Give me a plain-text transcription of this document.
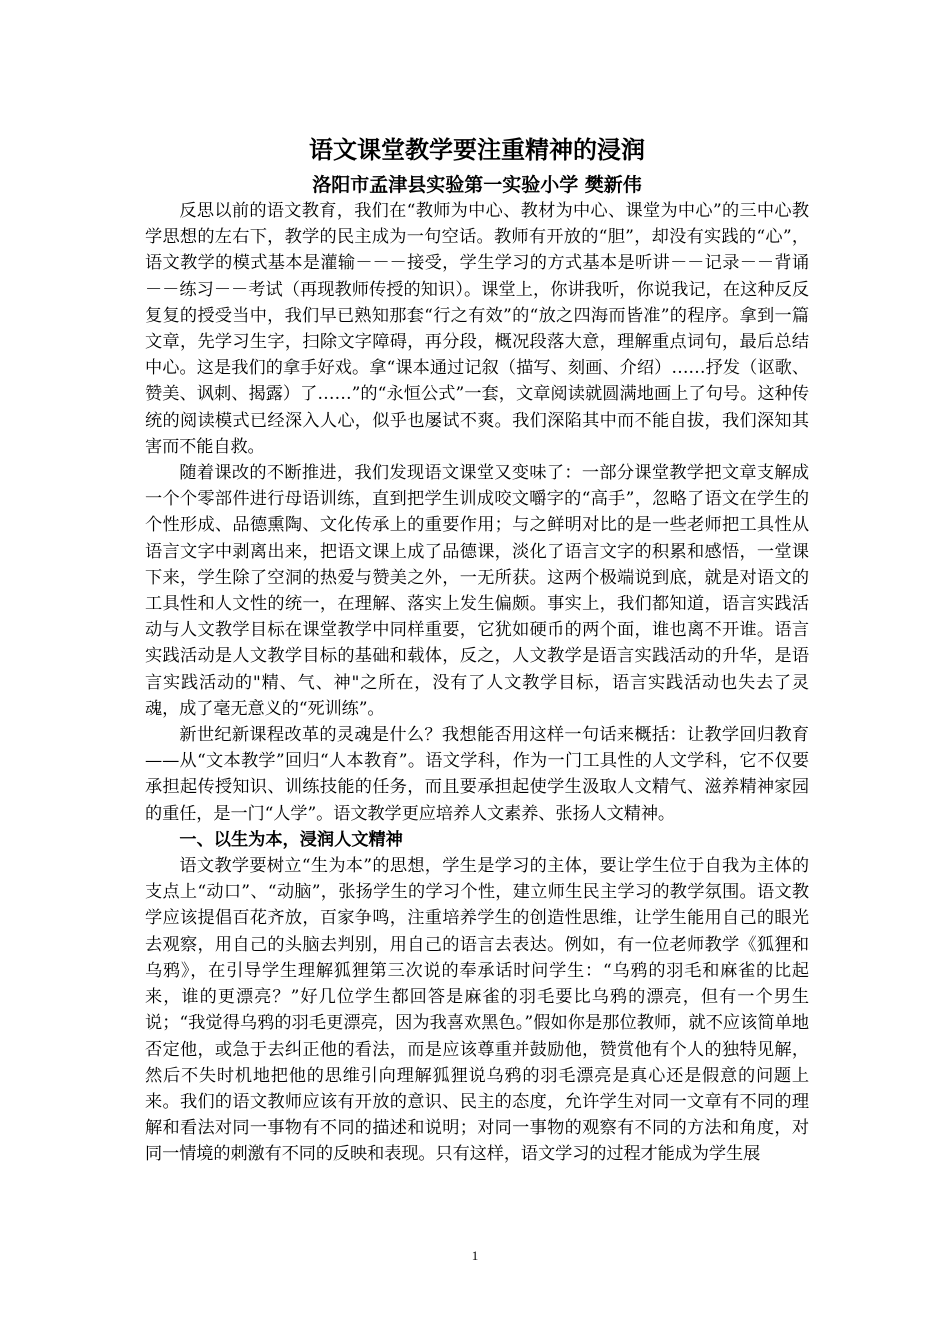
语文课堂教学要注重精神的浸润
洛阳市孟津县实验第一实验小学 樊新伟

反思以前的语文教育，我们在“教师为中心、教材为中心、课堂为中心”的三中心教学思想的左右下，教学的民主成为一句空话。教师有开放的“胆”，却没有实践的“心”，语文教学的模式基本是灌输－－－接受，学生学习的方式基本是听讲－－记录－－背诵－－练习－－考试（再现教师传授的知识）。课堂上，你讲我听，你说我记，在这种反反复复的授受当中，我们早已熟知那套“行之有效”的“放之四海而皆准”的程序。拿到一篇文章，先学习生字，扫除文字障碍，再分段，概况段落大意，理解重点词句，最后总结中心。这是我们的拿手好戏。拿“课本通过记叙（描写、刻画、介绍）……抒发（讴歌、赞美、讽刺、揭露）了……”的“永恒公式”一套，文章阅读就圆满地画上了句号。这种传统的阅读模式已经深入人心，似乎也屡试不爽。我们深陷其中而不能自拔，我们深知其害而不能自救。

随着课改的不断推进，我们发现语文课堂又变味了：一部分课堂教学把文章支解成一个个零部件进行母语训练，直到把学生训成咬文嚼字的“高手”，忽略了语文在学生的个性形成、品德熏陶、文化传承上的重要作用；与之鲜明对比的是一些老师把工具性从语言文字中剥离出来，把语文课上成了品德课，淡化了语言文字的积累和感悟，一堂课下来，学生除了空洞的热爱与赞美之外，一无所获。这两个极端说到底，就是对语文的工具性和人文性的统一，在理解、落实上发生偏颇。事实上，我们都知道，语言实践活动与人文教学目标在课堂教学中同样重要，它犹如硬币的两个面，谁也离不开谁。语言实践活动是人文教学目标的基础和载体，反之，人文教学是语言实践活动的升华，是语言实践活动的"精、气、神"之所在，没有了人文教学目标，语言实践活动也失去了灵魂，成了毫无意义的“死训练”。

新世纪新课程改革的灵魂是什么？我想能否用这样一句话来概括：让教学回归教育——从“文本教学”回归“人本教育”。语文学科，作为一门工具性的人文学科，它不仅要承担起传授知识、训练技能的任务，而且要承担起使学生汲取人文精气、滋养精神家园的重任，是一门“人学”。语文教学更应培养人文素养、张扬人文精神。

一、以生为本，浸润人文精神

语文教学要树立“生为本”的思想，学生是学习的主体，要让学生位于自我为主体的支点上“动口”、“动脑”，张扬学生的学习个性，建立师生民主学习的教学氛围。语文教学应该提倡百花齐放，百家争鸣，注重培养学生的创造性思维，让学生能用自己的眼光去观察，用自己的头脑去判别，用自己的语言去表达。例如，有一位老师教学《狐狸和乌鸦》，在引导学生理解狐狸第三次说的奉承话时问学生：“乌鸦的羽毛和麻雀的比起来，谁的更漂亮？”好几位学生都回答是麻雀的羽毛要比乌鸦的漂亮，但有一个男生说；“我觉得乌鸦的羽毛更漂亮，因为我喜欢黑色。”假如你是那位教师，就不应该简单地否定他，或急于去纠正他的看法，而是应该尊重并鼓励他，赞赏他有个人的独特见解，然后不失时机地把他的思维引向理解狐狸说乌鸦的羽毛漂亮是真心还是假意的问题上来。我们的语文教师应该有开放的意识、民主的态度，允许学生对同一文章有不同的理解和看法对同一事物有不同的描述和说明；对同一事物的观察有不同的方法和角度，对同一情境的刺激有不同的反映和表现。只有这样，语文学习的过程才能成为学生展

1
